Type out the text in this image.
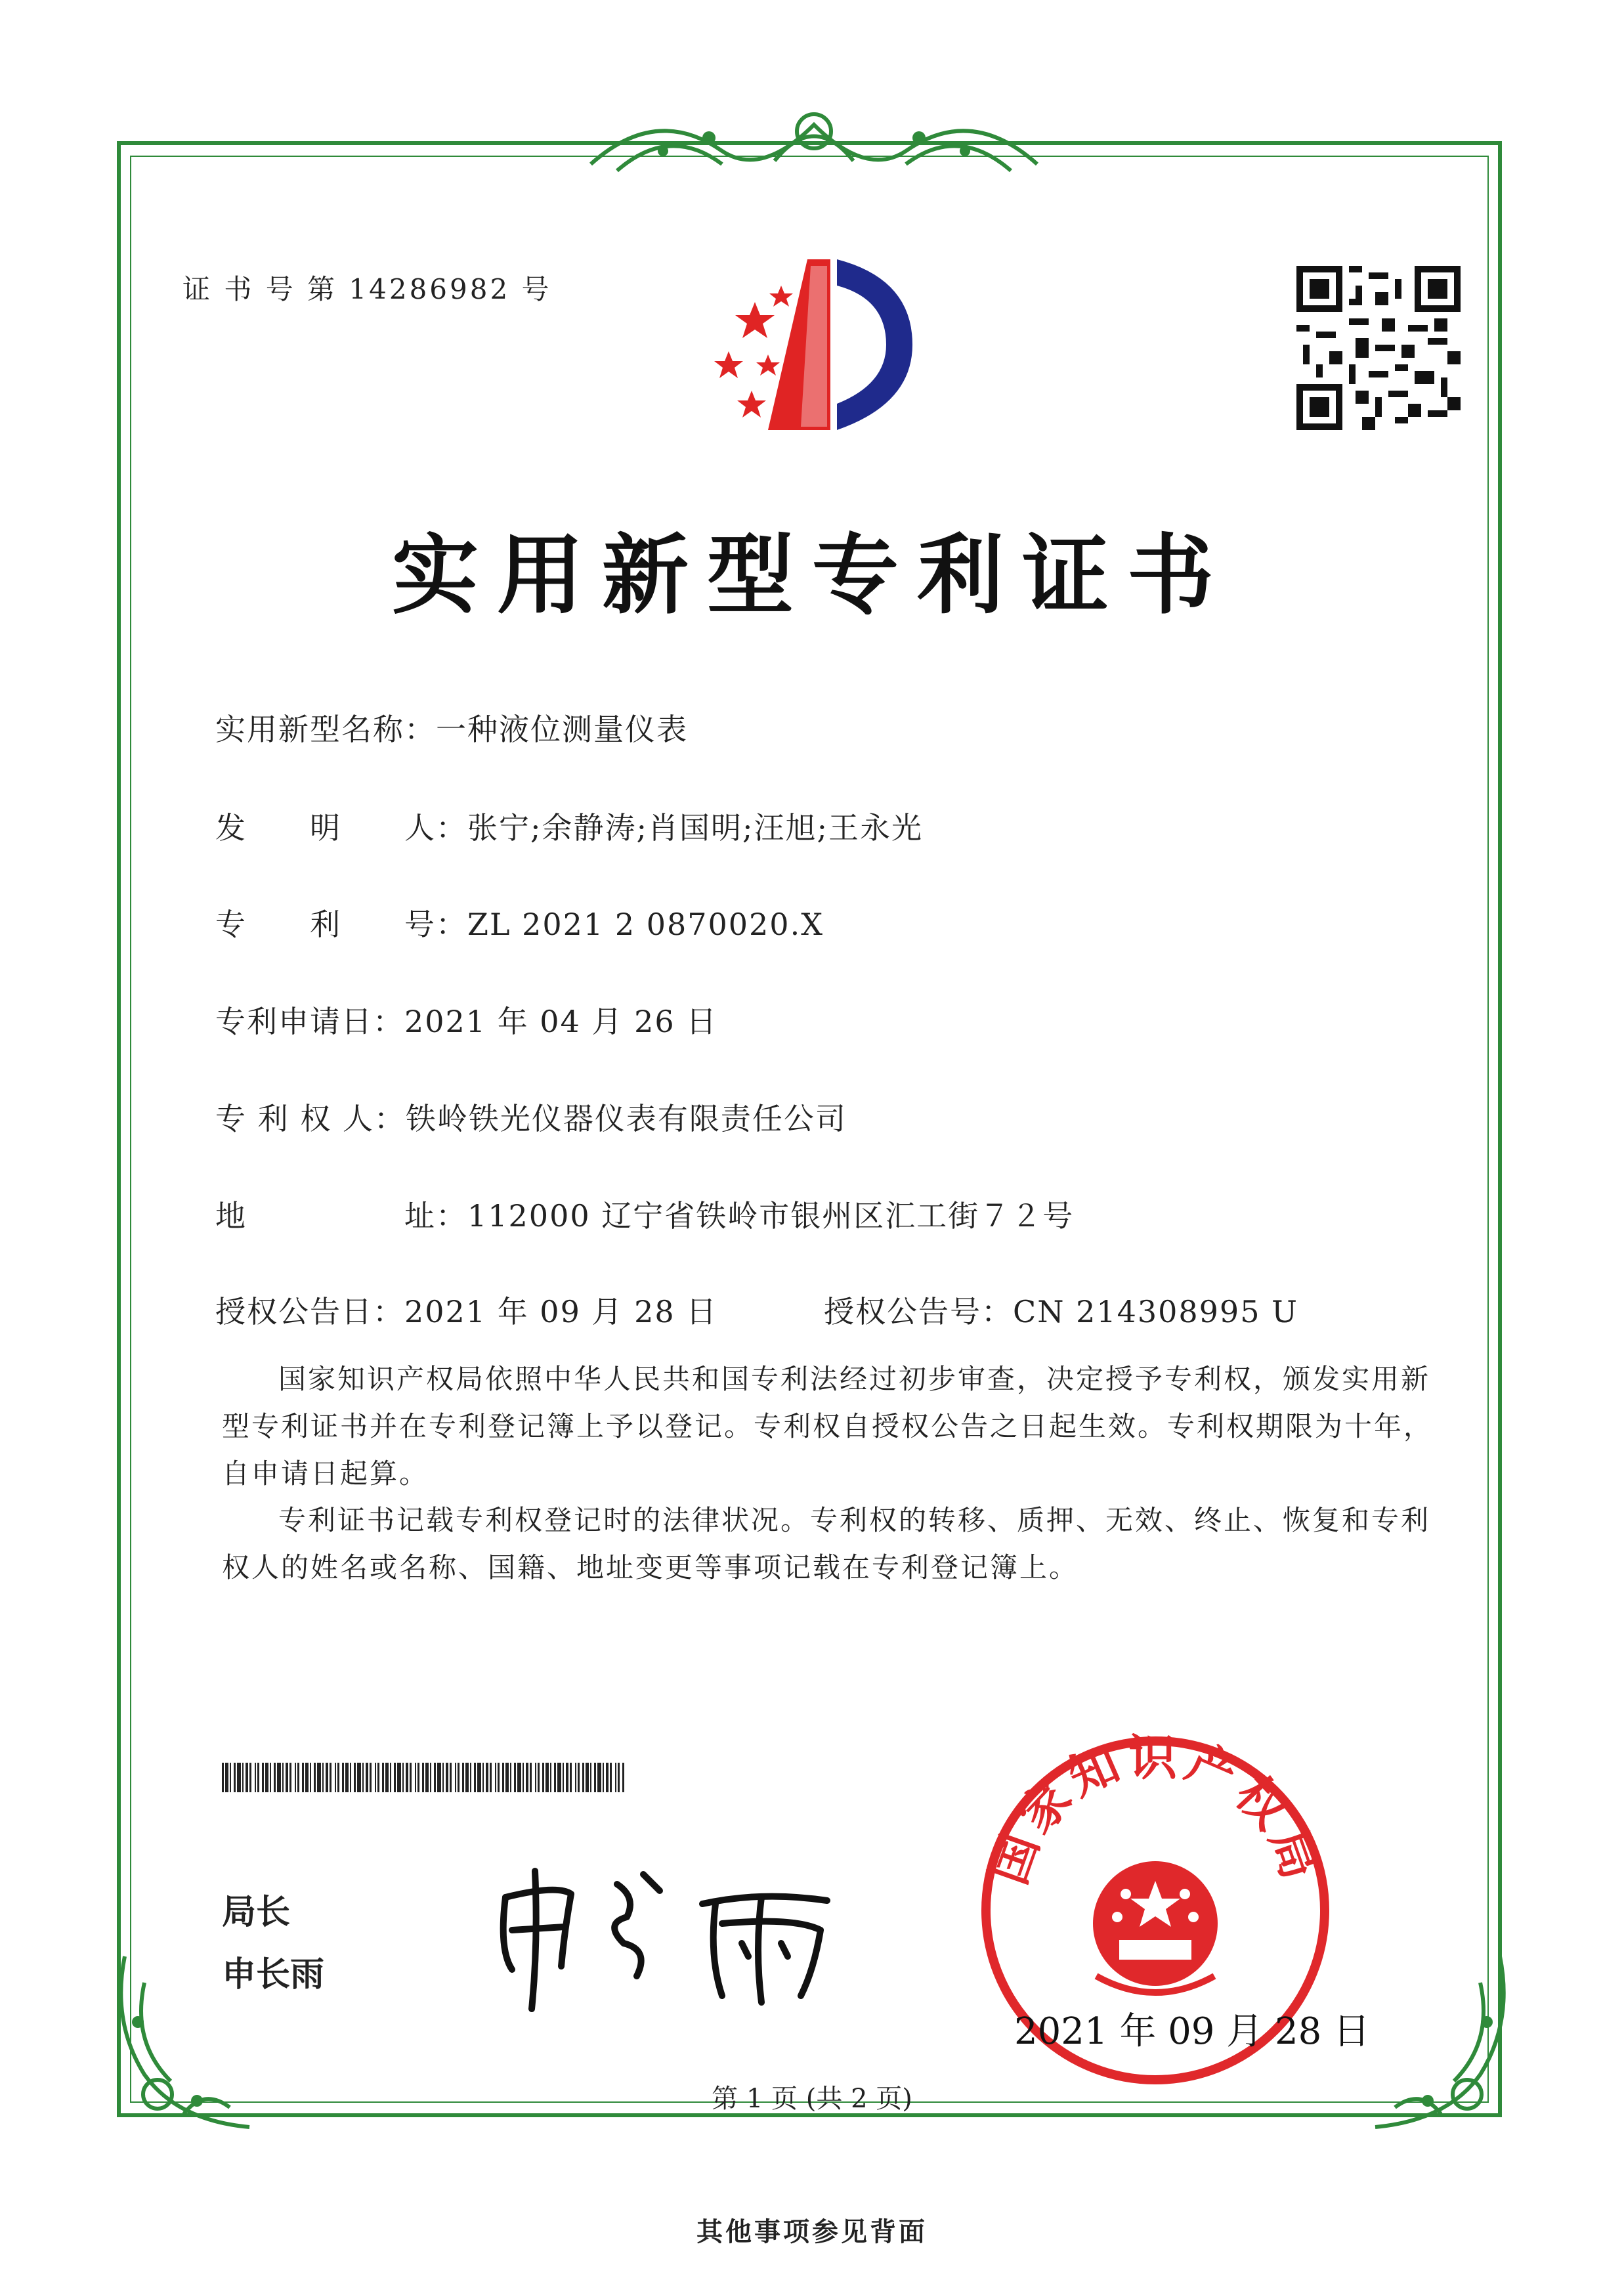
证 书 号 第 14286982 号
实用新型专利证书
实用新型名称：一种液位测量仪表
发　　明　　人：张宁;余静涛;肖国明;汪旭;王永光
专　　利　　号：ZL 2021 2 0870020.X
专利申请日：2021 年 04 月 26 日
专 利 权 人：铁岭铁光仪器仪表有限责任公司
地　　　　　址：112000 辽宁省铁岭市银州区汇工街７２号
授权公告日：2021 年 09 月 28 日	授权公告号：CN 214308995 U
国家知识产权局依照中华人民共和国专利法经过初步审查，决定授予专利权，颁发实用新型专利证书并在专利登记簿上予以登记。专利权自授权公告之日起生效。专利权期限为十年，自申请日起算。
专利证书记载专利权登记时的法律状况。专利权的转移、质押、无效、终止、恢复和专利权人的姓名或名称、国籍、地址变更等事项记载在专利登记簿上。
局长
申长雨
国家知识产权局
2021 年 09 月 28 日
第 1 页 (共 2 页)
其他事项参见背面
